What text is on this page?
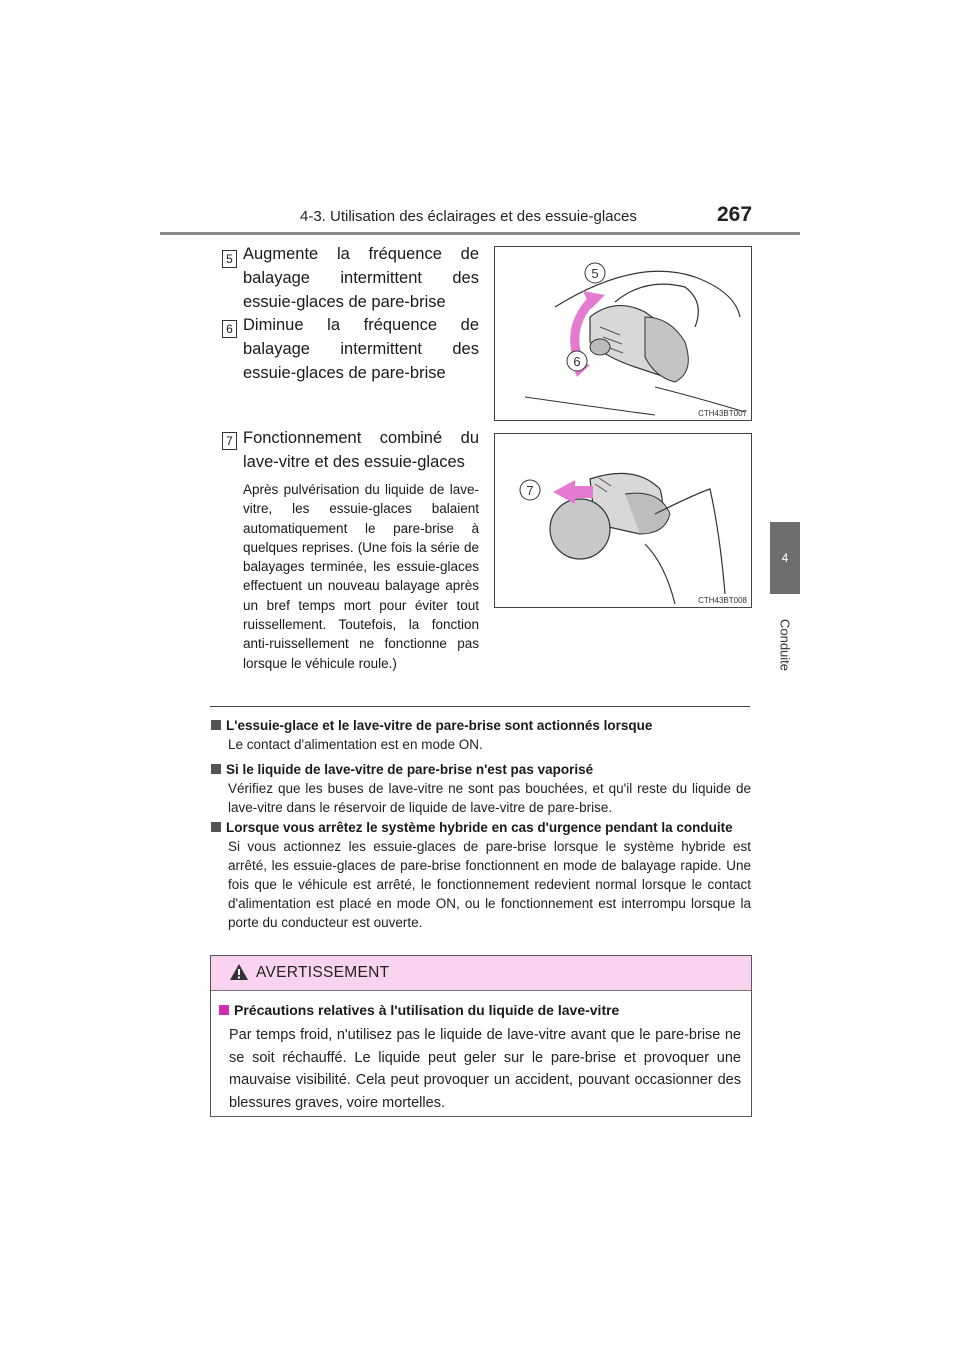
4-3. Utilisation des éclairages et des essuie-glaces	267
4
Conduite
5 Augmente la fréquence de balayage intermittent des essuie-glaces de pare-brise
6 Diminue la fréquence de balayage intermittent des essuie-glaces de pare-brise
7 Fonctionnement combiné du lave-vitre et des essuie-glaces
Après pulvérisation du liquide de lave-vitre, les essuie-glaces balaient automatiquement le pare-brise à quelques reprises. (Une fois la série de balayages terminée, les essuie-glaces effectuent un nouveau balayage après un bref temps mort pour éviter tout ruissellement. Toutefois, la fonction anti-ruissellement ne fonctionne pas lorsque le véhicule roule.)
5
6
CTH43BT007
7
CTH43BT008
L'essuie-glace et le lave-vitre de pare-brise sont actionnés lorsque
Le contact d'alimentation est en mode ON.
Si le liquide de lave-vitre de pare-brise n'est pas vaporisé
Vérifiez que les buses de lave-vitre ne sont pas bouchées, et qu'il reste du liquide de lave-vitre dans le réservoir de liquide de lave-vitre de pare-brise.
Lorsque vous arrêtez le système hybride en cas d'urgence pendant la conduite
Si vous actionnez les essuie-glaces de pare-brise lorsque le système hybride est arrêté, les essuie-glaces de pare-brise fonctionnent en mode de balayage rapide. Une fois que le véhicule est arrêté, le fonctionnement redevient normal lorsque le contact d'alimentation est placé en mode ON, ou le fonctionnement est interrompu lorsque la porte du conducteur est ouverte.
AVERTISSEMENT
Précautions relatives à l'utilisation du liquide de lave-vitre
Par temps froid, n'utilisez pas le liquide de lave-vitre avant que le pare-brise ne se soit réchauffé. Le liquide peut geler sur le pare-brise et provoquer une mauvaise visibilité. Cela peut provoquer un accident, pouvant occasionner des blessures graves, voire mortelles.
